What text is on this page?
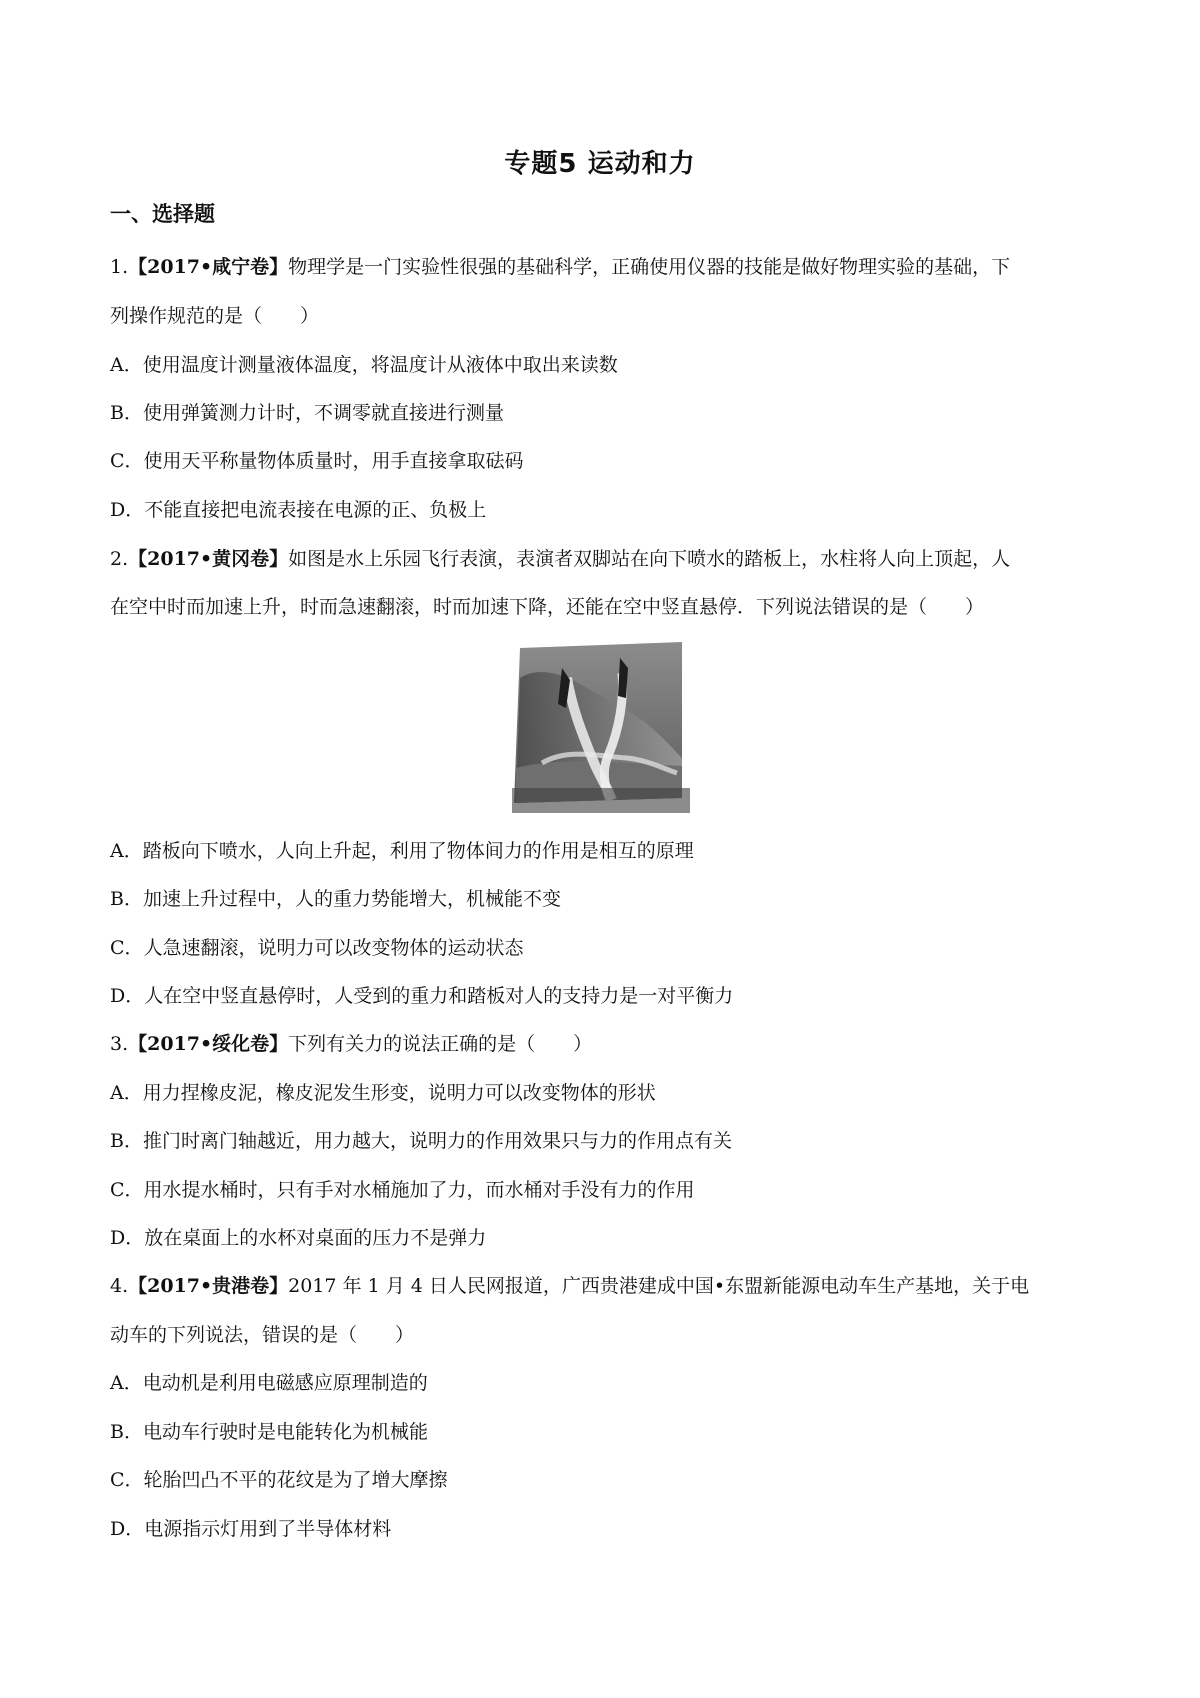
专题5 运动和力
一、选择题
1.【2017•咸宁卷】物理学是一门实验性很强的基础科学，正确使用仪器的技能是做好物理实验的基础，下
列操作规范的是（　　）
A．使用温度计测量液体温度，将温度计从液体中取出来读数
B．使用弹簧测力计时，不调零就直接进行测量
C．使用天平称量物体质量时，用手直接拿取砝码
D．不能直接把电流表接在电源的正、负极上
2.【2017•黄冈卷】如图是水上乐园飞行表演，表演者双脚站在向下喷水的踏板上，水柱将人向上顶起，人
在空中时而加速上升，时而急速翻滚，时而加速下降，还能在空中竖直悬停．下列说法错误的是（　　）
A．踏板向下喷水，人向上升起，利用了物体间力的作用是相互的原理
B．加速上升过程中，人的重力势能增大，机械能不变
C．人急速翻滚，说明力可以改变物体的运动状态
D．人在空中竖直悬停时，人受到的重力和踏板对人的支持力是一对平衡力
3.【2017•绥化卷】下列有关力的说法正确的是（　　）
A．用力捏橡皮泥，橡皮泥发生形变，说明力可以改变物体的形状
B．推门时离门轴越近，用力越大，说明力的作用效果只与力的作用点有关
C．用水提水桶时，只有手对水桶施加了力，而水桶对手没有力的作用
D．放在桌面上的水杯对桌面的压力不是弹力
4.【2017•贵港卷】2017 年 1 月 4 日人民网报道，广西贵港建成中国•东盟新能源电动车生产基地，关于电
动车的下列说法，错误的是（　　）
A．电动机是利用电磁感应原理制造的
B．电动车行驶时是电能转化为机械能
C．轮胎凹凸不平的花纹是为了增大摩擦
D．电源指示灯用到了半导体材料
